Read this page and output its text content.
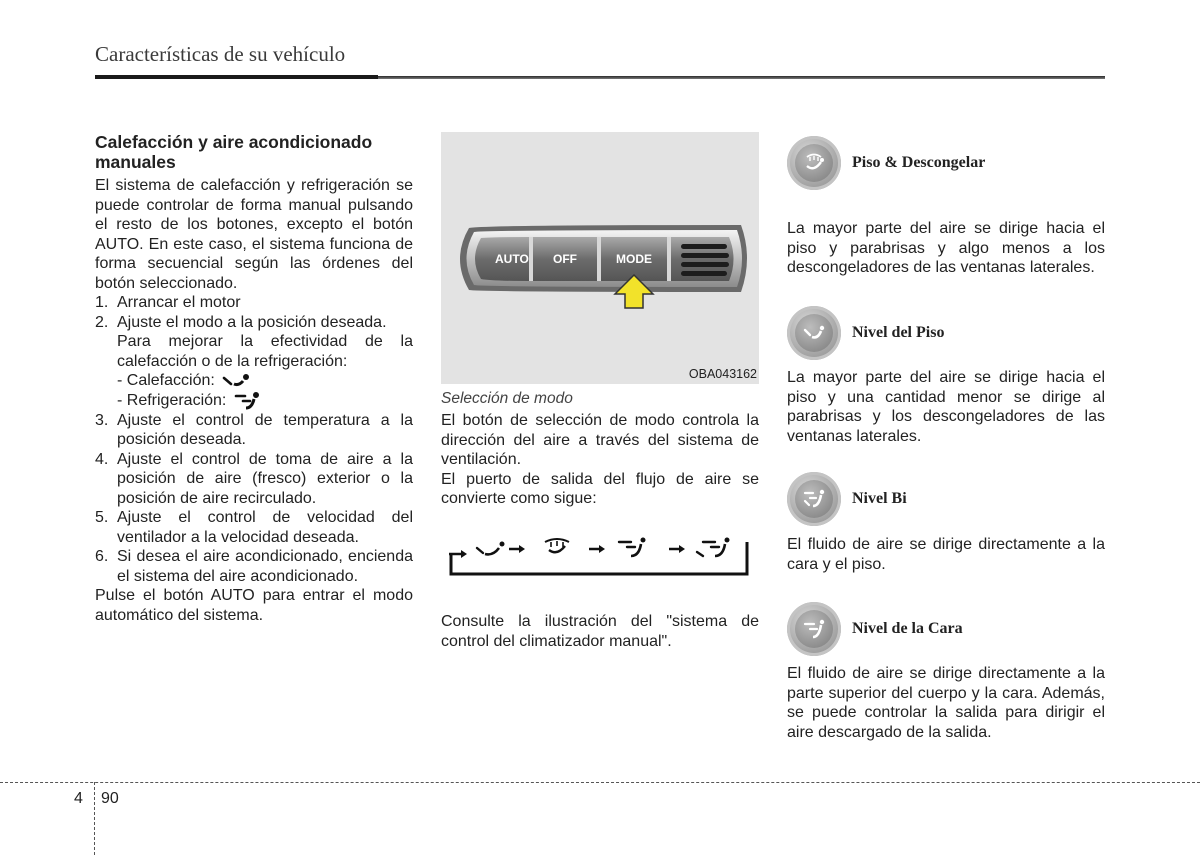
Características de su vehículo
Calefacción y aire acondicionado manuales

El sistema de calefacción y refrigeración se puede controlar de forma manual pulsando el resto de los botones, excepto el botón AUTO. En este caso, el sistema funciona de forma secuencial según las órdenes del botón seleccionado.

1. Arrancar el motor
2. Ajuste el modo a la posición deseada.
Para mejorar la efectividad de la calefacción o de la refrigeración:
- Calefacción:
- Refrigeración:
3. Ajuste el control de temperatura a la posición deseada.
4. Ajuste el control de toma de aire a la posición de aire (fresco) exterior o la posición de aire recirculado.
5. Ajuste el control de velocidad del ventilador a la velocidad deseada.
6. Si desea el aire acondicionado, encienda el sistema del aire acondicionado.

Pulse el botón AUTO para entrar el modo automático del sistema.

AUTO OFF	MODE
OBA043162
Selección de modo

El botón de selección de modo controla la dirección del aire a través del sistema de ventilación.

El puerto de salida del flujo de aire se convierte como sigue:

Consulte la ilustración del "sistema de control del climatizador manual".
Piso & Descongelar
La mayor parte del aire se dirige hacia el piso y parabrisas y algo menos a los descongeladores de las ventanas laterales.
Nivel del Piso
La mayor parte del aire se dirige hacia el piso y una cantidad menor se dirige al parabrisas y los descongeladores de las ventanas laterales.
Nivel Bi
El fluido de aire se dirige directamente a la cara y el piso.
Nivel de la Cara
El fluido de aire se dirige directamente a la parte superior del cuerpo y la cara. Además, se puede controlar la salida para dirigir el aire descargado de la salida.
4 90
